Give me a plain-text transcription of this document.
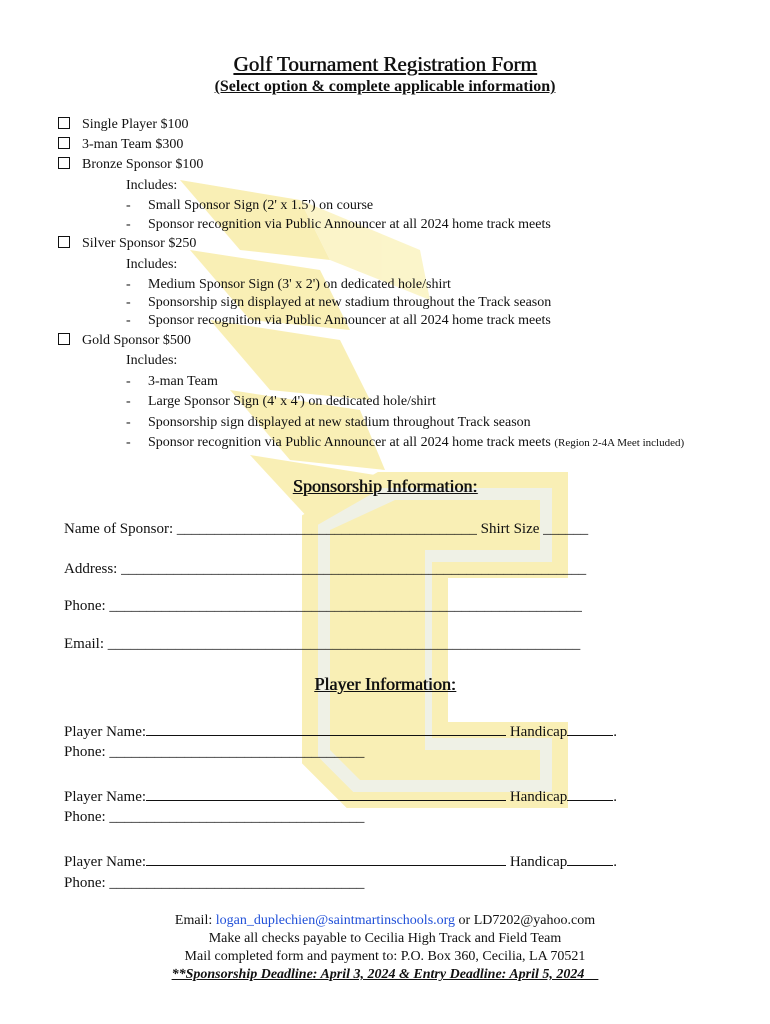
Golf Tournament Registration Form
(Select option & complete applicable information)
Single Player $100
3-man Team $300
Bronze Sponsor $100
Includes:
- Small Sponsor Sign (2' x 1.5') on course
- Sponsor recognition via Public Announcer at all 2024 home track meets
Silver Sponsor $250
Includes:
- Medium Sponsor Sign (3' x 2') on dedicated hole/shirt
- Sponsorship sign displayed at new stadium throughout the Track season
- Sponsor recognition via Public Announcer at all 2024 home track meets
Gold Sponsor $500
Includes:
- 3-man Team
- Large Sponsor Sign (4' x 4') on dedicated hole/shirt
- Sponsorship sign displayed at new stadium throughout Track season
- Sponsor recognition via Public Announcer at all 2024 home track meets (Region 2-4A Meet included)
Sponsorship Information:
Name of Sponsor: ________________________________________ Shirt Size ______
Address: ______________________________________________________________
Phone: _______________________________________________________________
Email: _______________________________________________________________
Player Information:
Player Name:	Handicap	.
Phone: __________________________________
Player Name:	Handicap	.
Phone: __________________________________
Player Name:	Handicap	.
Phone: __________________________________
Email: logan_duplechien@saintmartinschools.org or LD7202@yahoo.com
Make all checks payable to Cecilia High Track and Field Team
Mail completed form and payment to: P.O. Box 360, Cecilia, LA 70521
**Sponsorship Deadline: April 3, 2024 & Entry Deadline: April 5, 2024__
